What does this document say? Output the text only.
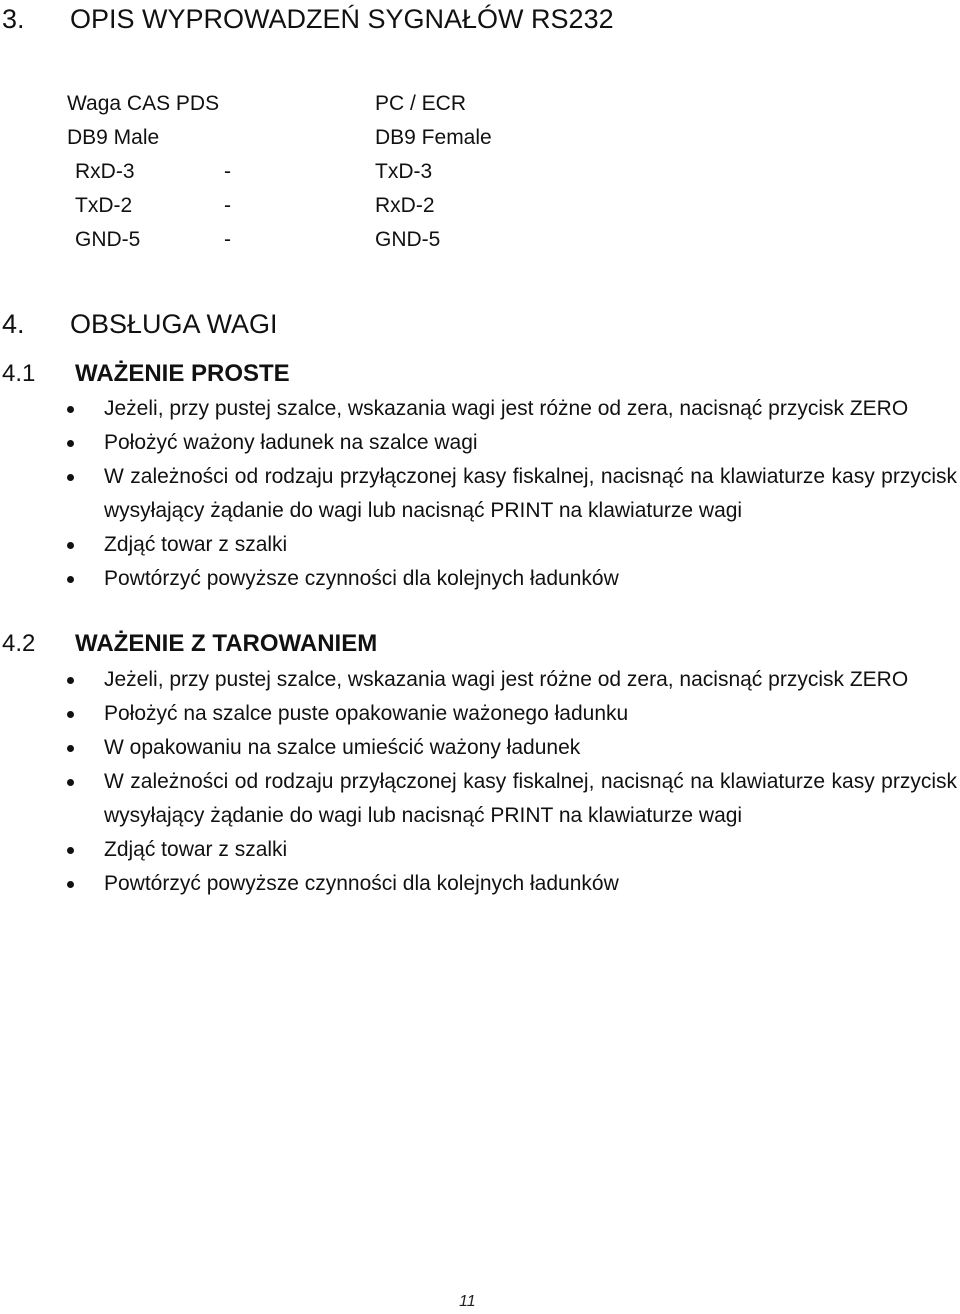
3. OPIS WYPROWADZEŃ SYGNAŁÓW RS232
Waga CAS PDS	PC / ECR
DB9 Male	DB9 Female
RxD-3	-	TxD-3
TxD-2	-	RxD-2
GND-5	-	GND-5
4. OBSŁUGA WAGI
4.1 WAŻENIE PROSTE
Jeżeli, przy pustej szalce, wskazania wagi jest różne od zera, nacisnąć przycisk ZERO
Położyć ważony ładunek na szalce wagi
W zależności od rodzaju przyłączonej kasy fiskalnej, nacisnąć na klawiaturze kasy przycisk wysyłający żądanie do wagi lub nacisnąć PRINT na klawiaturze wagi
Zdjąć towar z szalki
Powtórzyć powyższe czynności dla kolejnych ładunków
4.2 WAŻENIE Z TAROWANIEM
Jeżeli, przy pustej szalce, wskazania wagi jest różne od zera, nacisnąć przycisk ZERO
Położyć na szalce puste opakowanie ważonego ładunku
W opakowaniu na szalce umieścić ważony ładunek
W zależności od rodzaju przyłączonej kasy fiskalnej, nacisnąć na klawiaturze kasy przycisk wysyłający żądanie do wagi lub nacisnąć PRINT na klawiaturze wagi
Zdjąć towar z szalki
Powtórzyć powyższe czynności dla kolejnych ładunków
11
